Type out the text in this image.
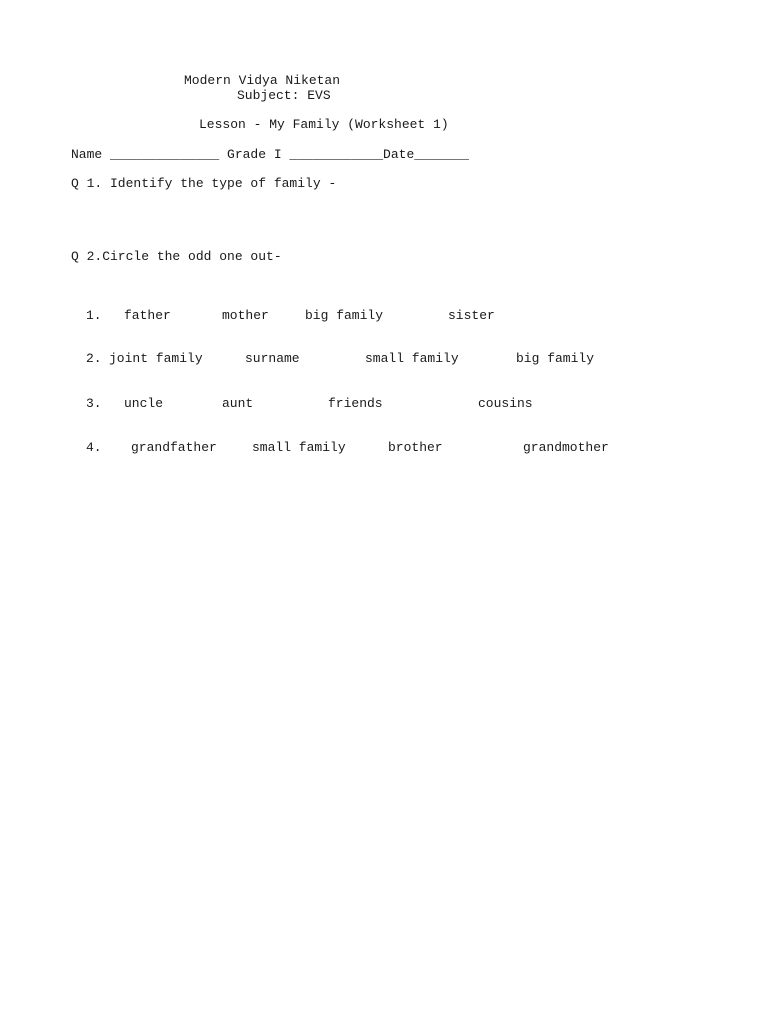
Modern Vidya Niketan
Subject: EVS
Lesson - My Family (Worksheet 1)
Name ______________ Grade I ____________Date_______
Q 1. Identify the type of family -
Q 2.Circle the odd one out-
1. father	mother	big family	sister
2. joint family	surname	small family	big family
3. uncle	aunt	friends	cousins
4. grandfather	small family	brother	grandmother
